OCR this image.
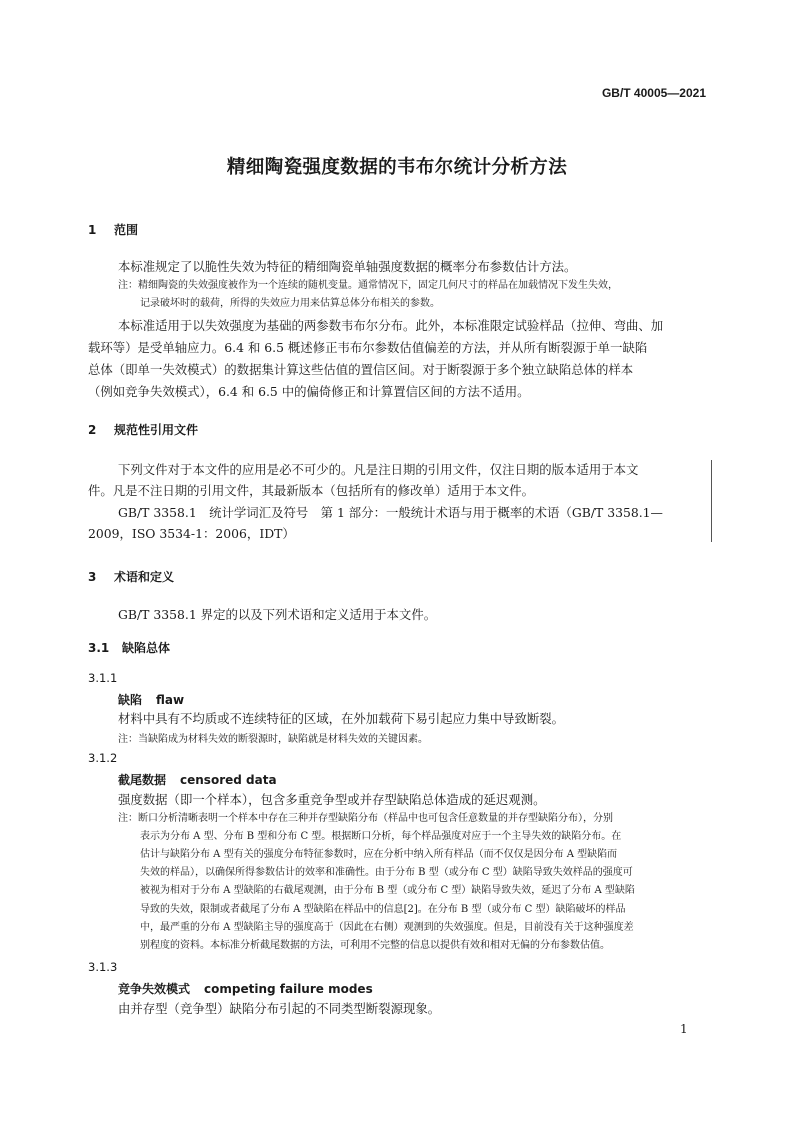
GB/T 40005—2021
精细陶瓷强度数据的韦布尔统计分析方法
1 范围
本标准规定了以脆性失效为特征的精细陶瓷单轴强度数据的概率分布参数估计方法。
注：精细陶瓷的失效强度被作为一个连续的随机变量。通常情况下，固定几何尺寸的样品在加载情况下发生失效，
记录破坏时的载荷，所得的失效应力用来估算总体分布相关的参数。
本标准适用于以失效强度为基础的两参数韦布尔分布。此外，本标准限定试验样品（拉伸、弯曲、加
载环等）是受单轴应力。6.4 和 6.5 概述修正韦布尔参数估值偏差的方法，并从所有断裂源于单一缺陷
总体（即单一失效模式）的数据集计算这些估值的置信区间。对于断裂源于多个独立缺陷总体的样本
（例如竞争失效模式），6.4 和 6.5 中的偏倚修正和计算置信区间的方法不适用。
2 规范性引用文件
下列文件对于本文件的应用是必不可少的。凡是注日期的引用文件，仅注日期的版本适用于本文
件。凡是不注日期的引用文件，其最新版本（包括所有的修改单）适用于本文件。
GB/T 3358.1　统计学词汇及符号　第 1 部分：一般统计术语与用于概率的术语（GB/T 3358.1—
2009，ISO 3534-1：2006，IDT）
3 术语和定义
GB/T 3358.1 界定的以及下列术语和定义适用于本文件。
3.1 缺陷总体
3.1.1
缺陷 flaw
材料中具有不均质或不连续特征的区域，在外加载荷下易引起应力集中导致断裂。
注：当缺陷成为材料失效的断裂源时，缺陷就是材料失效的关键因素。
3.1.2
截尾数据 censored data
强度数据（即一个样本），包含多重竞争型或并存型缺陷总体造成的延迟观测。
注：断口分析清晰表明一个样本中存在三种并存型缺陷分布（样品中也可包含任意数量的并存型缺陷分布），分别
表示为分布 A 型、分布 B 型和分布 C 型。根据断口分析，每个样品强度对应于一个主导失效的缺陷分布。在
估计与缺陷分布 A 型有关的强度分布特征参数时，应在分析中纳入所有样品（而不仅仅是因分布 A 型缺陷而
失效的样品），以确保所得参数估计的效率和准确性。由于分布 B 型（或分布 C 型）缺陷导致失效样品的强度可
被视为相对于分布 A 型缺陷的右截尾观测，由于分布 B 型（或分布 C 型）缺陷导致失效，延迟了分布 A 型缺陷
导致的失效，限制或者截尾了分布 A 型缺陷在样品中的信息[2]。在分布 B 型（或分布 C 型）缺陷破坏的样品
中，最严重的分布 A 型缺陷主导的强度高于（因此在右侧）观测到的失效强度。但是，目前没有关于这种强度差
别程度的资料。本标准分析截尾数据的方法，可利用不完整的信息以提供有效和相对无偏的分布参数估值。
3.1.3
竞争失效模式 competing failure modes
由并存型（竞争型）缺陷分布引起的不同类型断裂源现象。
1
